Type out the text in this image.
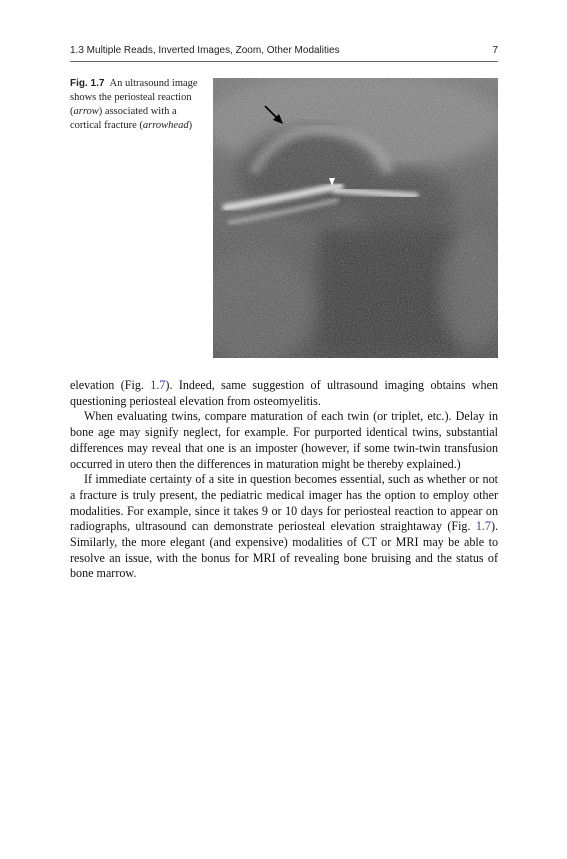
1.3 Multiple Reads, Inverted Images, Zoom, Other Modalities	7
Fig. 1.7 An ultrasound image shows the periosteal reaction (arrow) associated with a cortical fracture (arrowhead)

elevation (Fig. 1.7). Indeed, same suggestion of ultrasound imaging obtains when questioning periosteal elevation from osteomyelitis.

When evaluating twins, compare maturation of each twin (or triplet, etc.). Delay in bone age may signify neglect, for example. For purported identical twins, substantial differences may reveal that one is an imposter (however, if some twin-twin transfusion occurred in utero then the differences in maturation might be thereby explained.)

If immediate certainty of a site in question becomes essential, such as whether or not a fracture is truly present, the pediatric medical imager has the option to employ other modalities. For example, since it takes 9 or 10 days for periosteal reaction to appear on radiographs, ultrasound can demonstrate periosteal elevation straightaway (Fig. 1.7). Similarly, the more elegant (and expensive) modalities of CT or MRI may be able to resolve an issue, with the bonus for MRI of revealing bone bruising and the status of bone marrow.
